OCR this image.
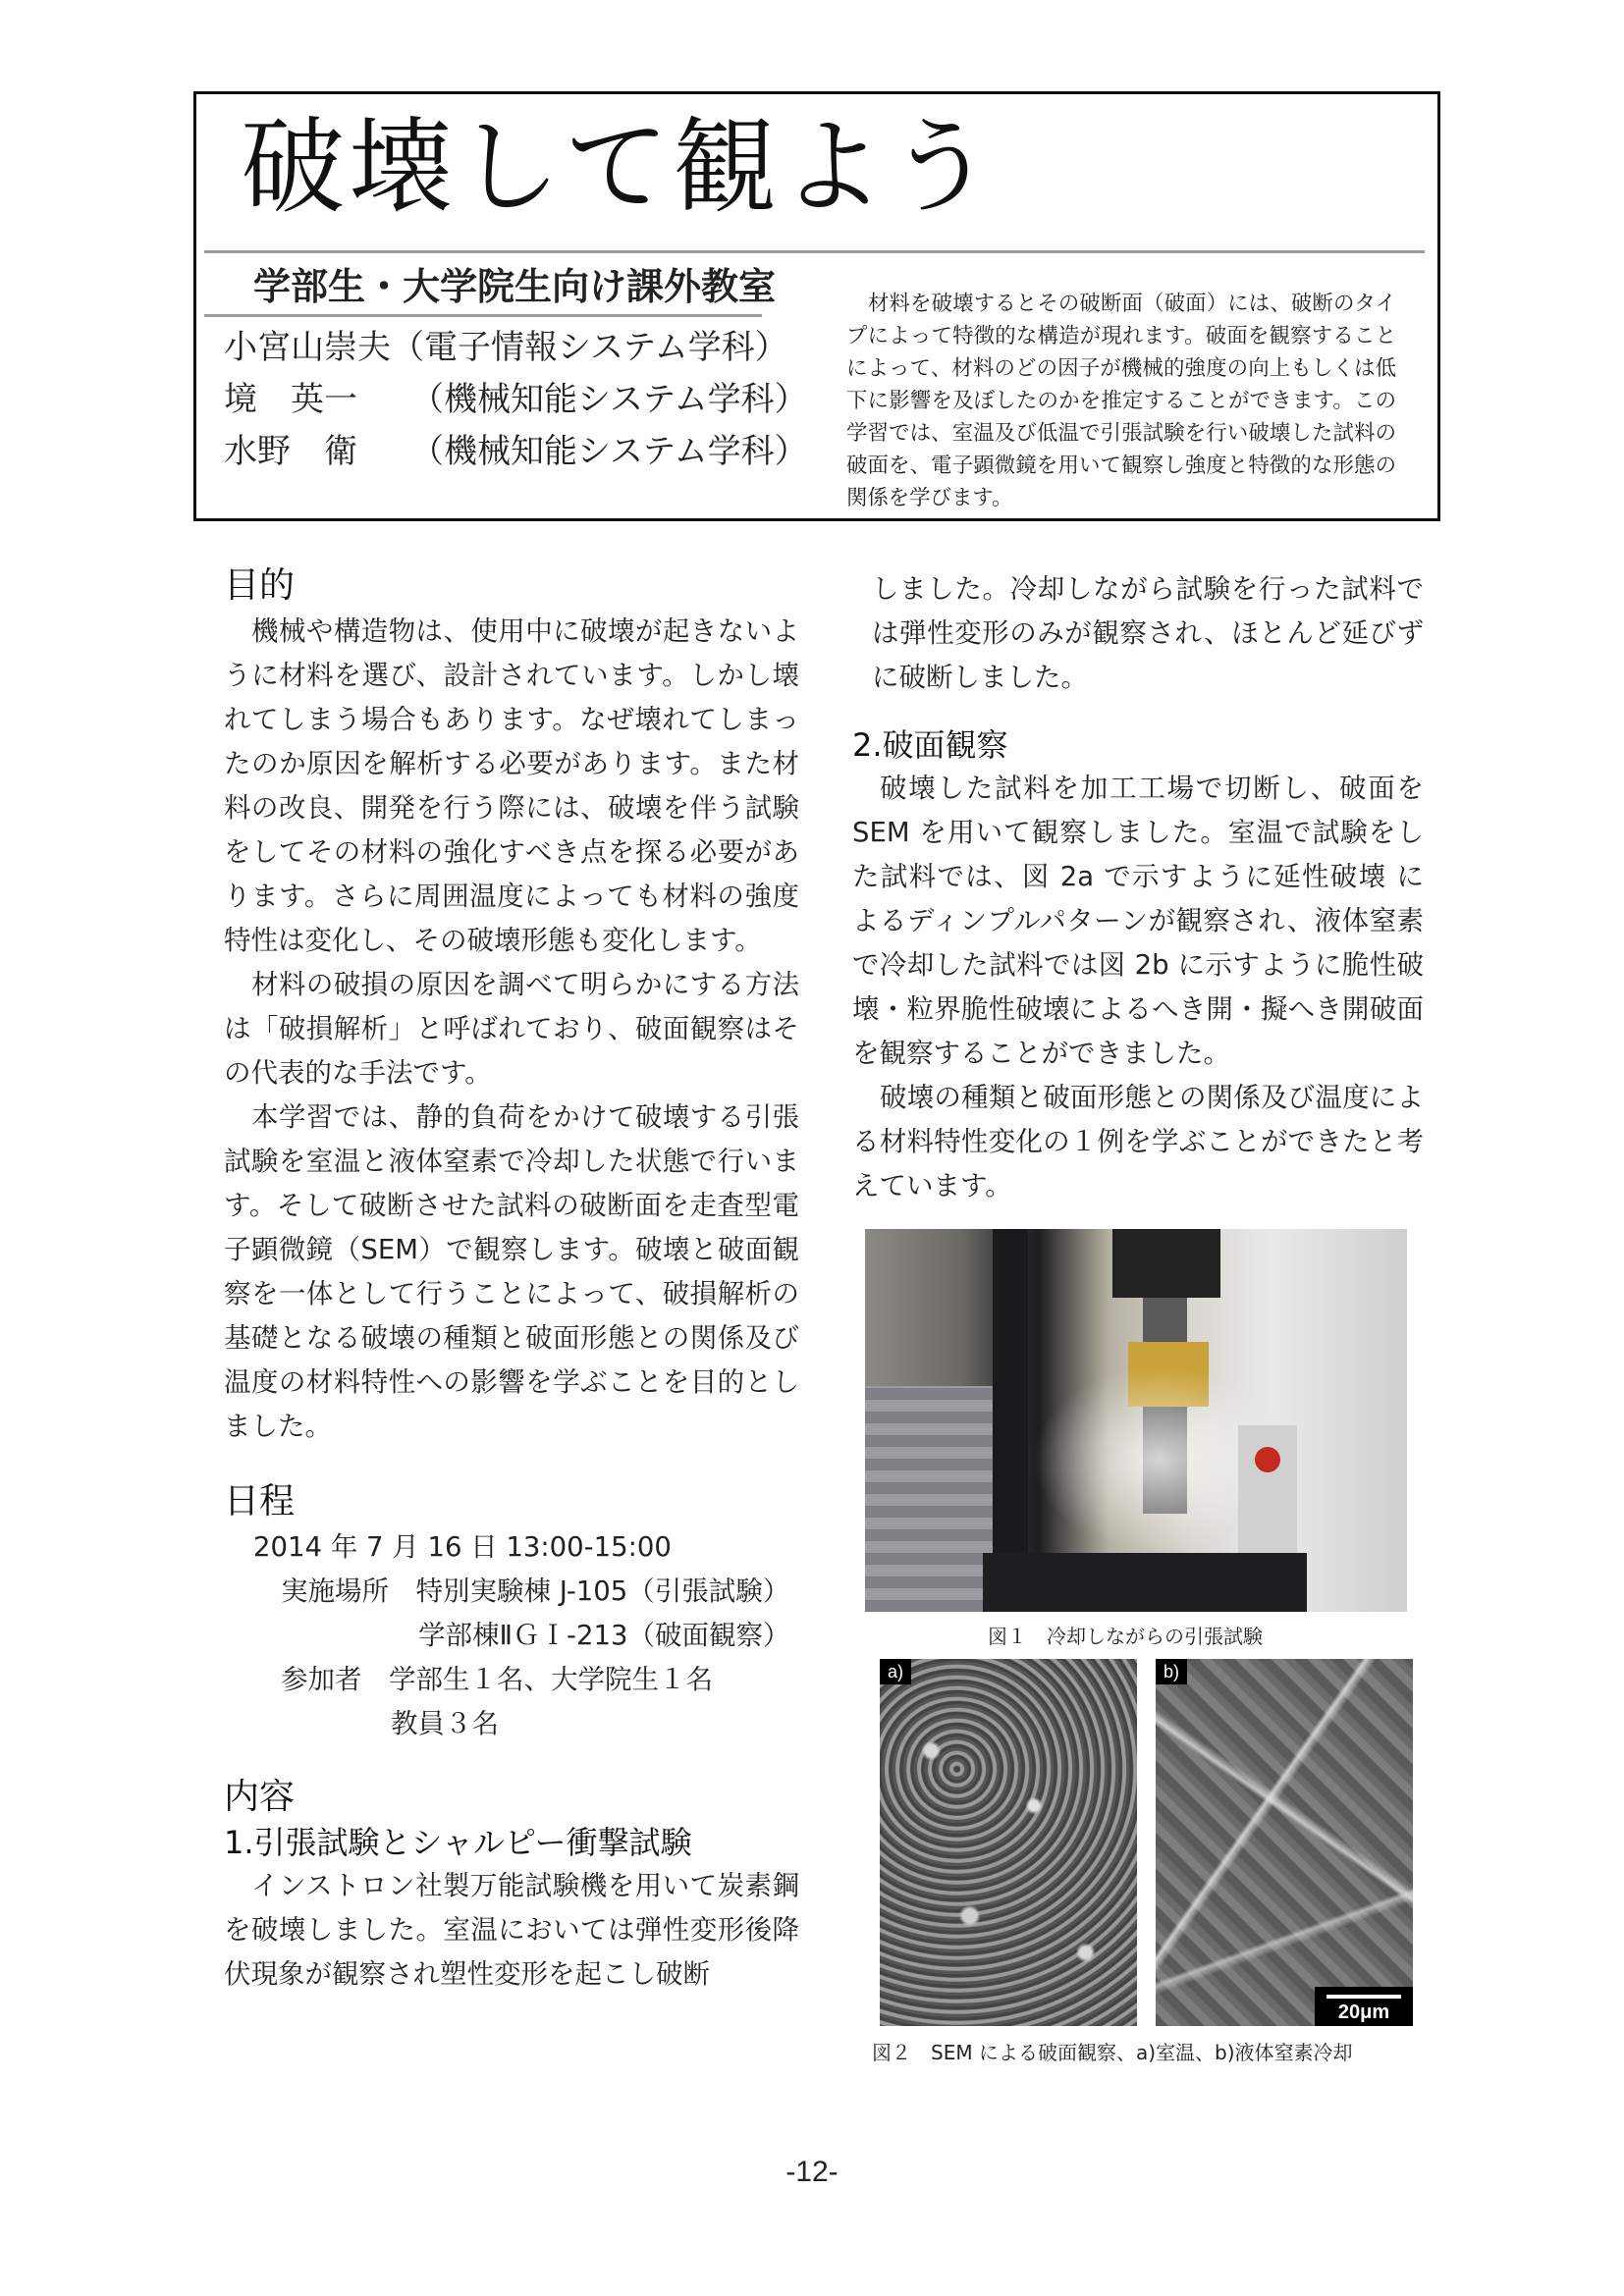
破壊して観よう
学部生・大学院生向け課外教室
小宮山崇夫 （電子情報システム学科）
境　英一	（機械知能システム学科）
水野　衛	（機械知能システム学科）

材料を破壊するとその破断面（破面）には、破断のタイプによって特徴的な構造が現れます。破面を観察することによって、材料のどの因子が機械的強度の向上もしくは低下に影響を及ぼしたのかを推定することができます。この学習では、室温及び低温で引張試験を行い破壊した試料の破面を、電子顕微鏡を用いて観察し強度と特徴的な形態の関係を学びます。

目的

機械や構造物は、使用中に破壊が起きないように材料を選び、設計されています。しかし壊れてしまう場合もあります。なぜ壊れてしまったのか原因を解析する必要があります。また材料の改良、開発を行う際には、破壊を伴う試験をしてその材料の強化すべき点を探る必要があります。さらに周囲温度によっても材料の強度特性は変化し、その破壊形態も変化します。

材料の破損の原因を調べて明らかにする方法は「破損解析」と呼ばれており、破面観察はその代表的な手法です。

本学習では、静的負荷をかけて破壊する引張試験を室温と液体窒素で冷却した状態で行います。そして破断させた試料の破断面を走査型電子顕微鏡（SEM）で観察します。破壊と破面観察を一体として行うことによって、破損解析の基礎となる破壊の種類と破面形態との関係及び温度の材料特性への影響を学ぶことを目的としました。

日程
2014 年 7 月 16 日 13:00-15:00
実施場所　 特別実験棟 J-105（引張試験）
学部棟ⅡＧＩ-213（破面観察）
参加者　 学部生１名、大学院生１名
教員３名
内容
1.引張試験とシャルピー衝撃試験

インストロン社製万能試験機を用いて炭素鋼を破壊しました。室温においては弾性変形後降伏現象が観察され塑性変形を起こし破断

しました。冷却しながら試験を行った試料では弾性変形のみが観察され、ほとんど延びずに破断しました。

2.破面観察

破壊した試料を加工工場で切断し、破面をSEM を用いて観察しました。室温で試験をした試料では、図 2a で示すように延性破壊 によるディンプルパターンが観察され、液体窒素で冷却した試料では図 2b に示すように脆性破壊・粒界脆性破壊によるへき開・擬へき開破面を観察することができました。

破壊の種類と破面形態との関係及び温度による材料特性変化の１例を学ぶことができたと考えています。

図１　冷却しながらの引張試験
a)	b)
20μm
図２　SEM による破面観察、a)室温、b)液体窒素冷却
-12-
